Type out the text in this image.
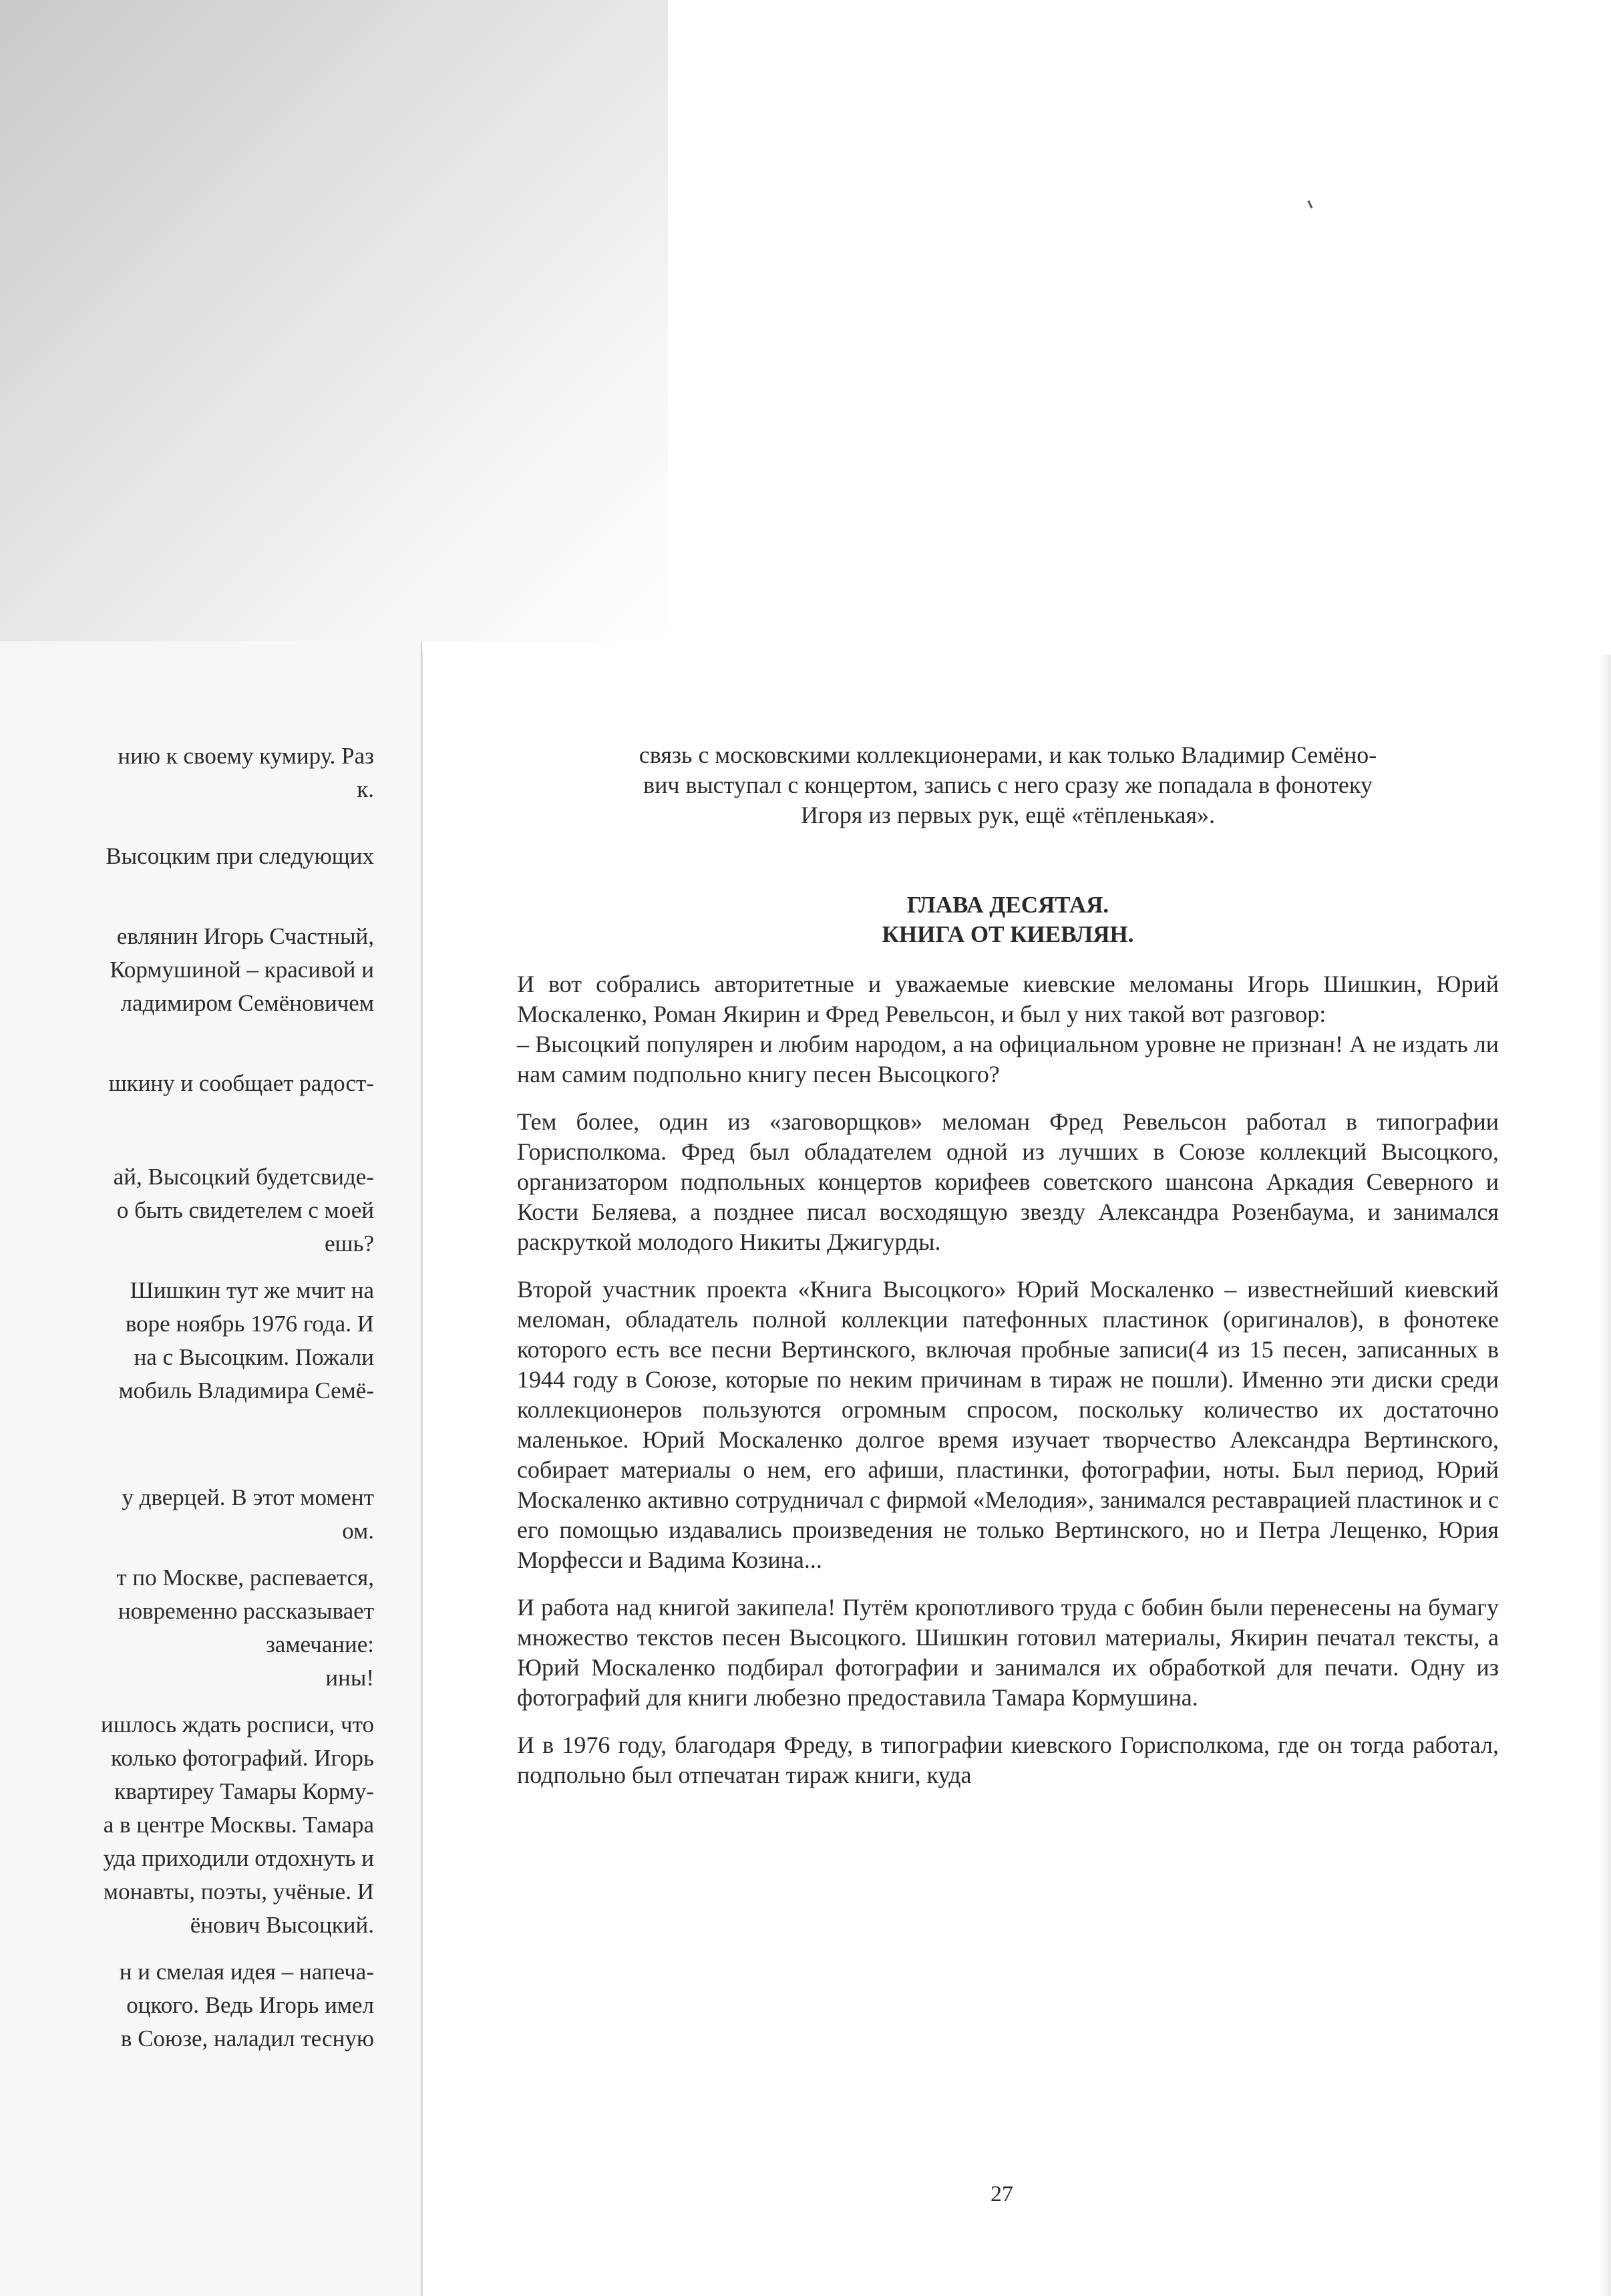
нию к своему кумиру. Раз
к.
Высоцким при следующих
евлянин Игорь Счастный,
Кормушиной – красивой и
ладимиром Семёновичем
шкину и сообщает радост-
ай, Высоцкий будетсвиде-
о быть свидетелем с моей
ешь?
Шишкин тут же мчит на
воре ноябрь 1976 года. И
на с Высоцким. Пожали
мобиль Владимира Семё-
у дверцей. В этот момент
ом.
т по Москве, распевается,
новременно рассказывает
замечание:
ины!
ишлось ждать росписи, что
колько фотографий. Игорь
квартиреу Тамары Корму-
а в центре Москвы. Тамара
уда приходили отдохнуть и
монавты, поэты, учёные. И
ёнович Высоцкий.
н и смелая идея – напеча-
оцкого. Ведь Игорь имел
в Союзе, наладил тесную

связь с московскими коллекционерами, и как только Владимир Семёно-
вич выступал с концертом, запись с него сразу же попадала в фонотеку
Игоря из первых рук, ещё «тёпленькая».

ГЛАВА ДЕСЯТАЯ.
КНИГА ОТ КИЕВЛЯН.

И вот собрались авторитетные и уважаемые киевские меломаны Игорь Шишкин, Юрий Москаленко, Роман Якирин и Фред Ревельсон, и был у них такой вот разговор:
– Высоцкий популярен и любим народом, а на официальном уровне не признан! А не издать ли нам самим подпольно книгу песен Высоцкого?

Тем более, один из «заговорщков» меломан Фред Ревельсон работал в типографии Горисполкома. Фред был обладателем одной из лучших в Союзе коллекций Высоцкого, организатором подпольных концертов корифеев советского шансона Аркадия Северного и Кости Беляева, а позднее писал восходящую звезду Александра Розенбаума, и занимался раскруткой молодого Никиты Джигурды.

Второй участник проекта «Книга Высоцкого» Юрий Москаленко – известнейший киевский меломан, обладатель полной коллекции патефонных пластинок (оригиналов), в фонотеке которого есть все песни Вертинского, включая пробные записи(4 из 15 песен, записанных в 1944 году в Союзе, которые по неким причинам в тираж не пошли). Именно эти диски среди коллекционеров пользуются огромным спросом, поскольку количество их достаточно маленькое. Юрий Москаленко долгое время изучает творчество Александра Вертинского, собирает материалы о нем, его афиши, пластинки, фотографии, ноты. Был период, Юрий Москаленко активно сотрудничал с фирмой «Мелодия», занимался реставрацией пластинок и с его помощью издавались произведения не только Вертинского, но и Петра Лещенко, Юрия Морфесси и Вадима Козина...

И работа над книгой закипела! Путём кропотливого труда с бобин были перенесены на бумагу множество текстов песен Высоцкого. Шишкин готовил материалы, Якирин печатал тексты, а Юрий Москаленко подбирал фотографии и занимался их обработкой для печати. Одну из фотографий для книги любезно предоставила Тамара Кормушина.

И в 1976 году, благодаря Фреду, в типографии киевского Горисполкома, где он тогда работал, подпольно был отпечатан тираж книги, куда

27
